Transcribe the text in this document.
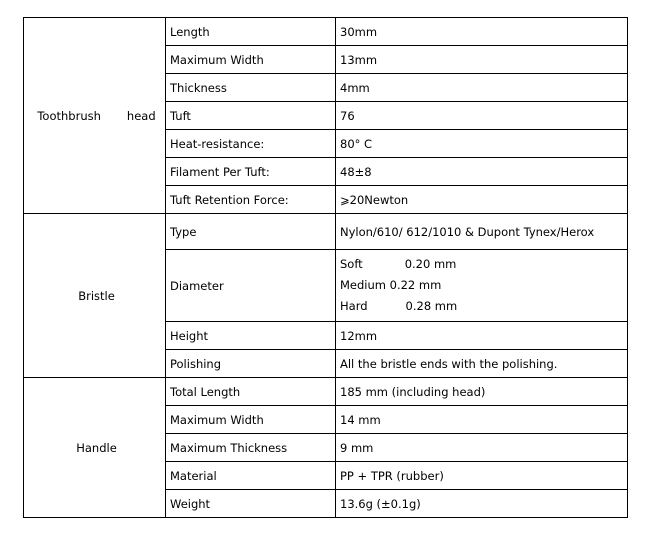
Toothbrush head	Length	30mm
	Maximum Width	13mm
	Thickness	4mm
	Tuft	76
	Heat-resistance:	80° C
	Filament Per Tuft:	48±8
	Tuft Retention Force:	⩾20Newton
Bristle	Type	Nylon/610/ 612/1010 & Dupont Tynex/Herox
	Diameter	Soft 0.20 mm
Medium 0.22 mm
Hard 0.28 mm

	Height	12mm
	Polishing	All the bristle ends with the polishing.
Handle	Total Length	185 mm (including head)
	Maximum Width	14 mm
	Maximum Thickness	9 mm
	Material	PP + TPR (rubber)
	Weight	13.6g (±0.1g)
